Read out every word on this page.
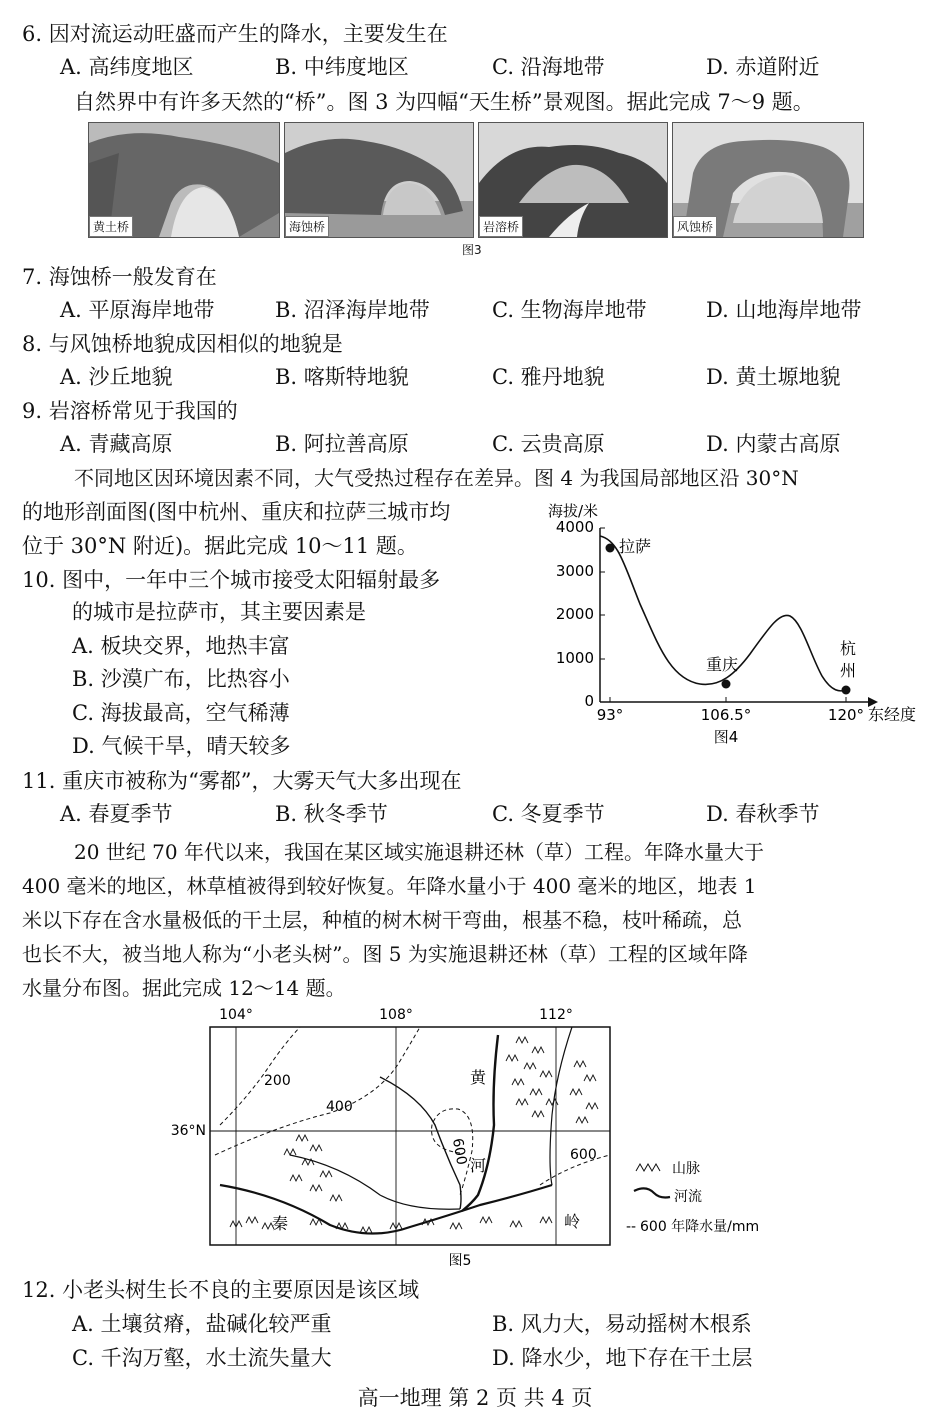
6. 因对流运动旺盛而产生的降水，主要发生在
A. 高纬度地区	B. 中纬度地区	C. 沿海地带	D. 赤道附近
自然界中有许多天然的“桥”。图 3 为四幅“天生桥”景观图。据此完成 7～9 题。
黄土桥	海蚀桥	岩溶桥	风蚀桥
图3
7. 海蚀桥一般发育在
A. 平原海岸地带	B. 沼泽海岸地带	C. 生物海岸地带	D. 山地海岸地带
8. 与风蚀桥地貌成因相似的地貌是
A. 沙丘地貌	B. 喀斯特地貌	C. 雅丹地貌	D. 黄土塬地貌
9. 岩溶桥常见于我国的
A. 青藏高原	B. 阿拉善高原	C. 云贵高原	D. 内蒙古高原
不同地区因环境因素不同，大气受热过程存在差异。图 4 为我国局部地区沿 30°N
的地形剖面图(图中杭州、重庆和拉萨三城市均
位于 30°N 附近)。据此完成 10～11 题。
10. 图中，一年中三个城市接受太阳辐射最多
的城市是拉萨市，其主要因素是
A. 板块交界，地热丰富
B. 沙漠广布，比热容小
C. 海拔最高，空气稀薄
D. 气候干旱，晴天较多
海拔/米
0
1000
2000
3000
4000
93°	106.5°	120° 东经度
拉萨
重庆
杭
州
图4
11. 重庆市被称为“雾都”，大雾天气大多出现在
A. 春夏季节	B. 秋冬季节	C. 冬夏季节	D. 春秋季节
20 世纪 70 年代以来，我国在某区域实施退耕还林（草）工程。年降水量大于
400 毫米的地区，林草植被得到较好恢复。年降水量小于 400 毫米的地区，地表 1
米以下存在含水量极低的干土层，种植的树木树干弯曲，根基不稳，枝叶稀疏，总
也长不大，被当地人称为“小老头树”。图 5 为实施退耕还林（草）工程的区域年降
水量分布图。据此完成 12～14 题。
104°	108°	112°
36°N
200
400
600	600
黄
河
秦	岭
山脉
河流
-- 600 年降水量/mm
图5
12. 小老头树生长不良的主要原因是该区域
A. 土壤贫瘠，盐碱化较严重	B. 风力大，易动摇树木根系
C. 千沟万壑，水土流失量大	D. 降水少，地下存在干土层
高一地理 第 2 页 共 4 页
